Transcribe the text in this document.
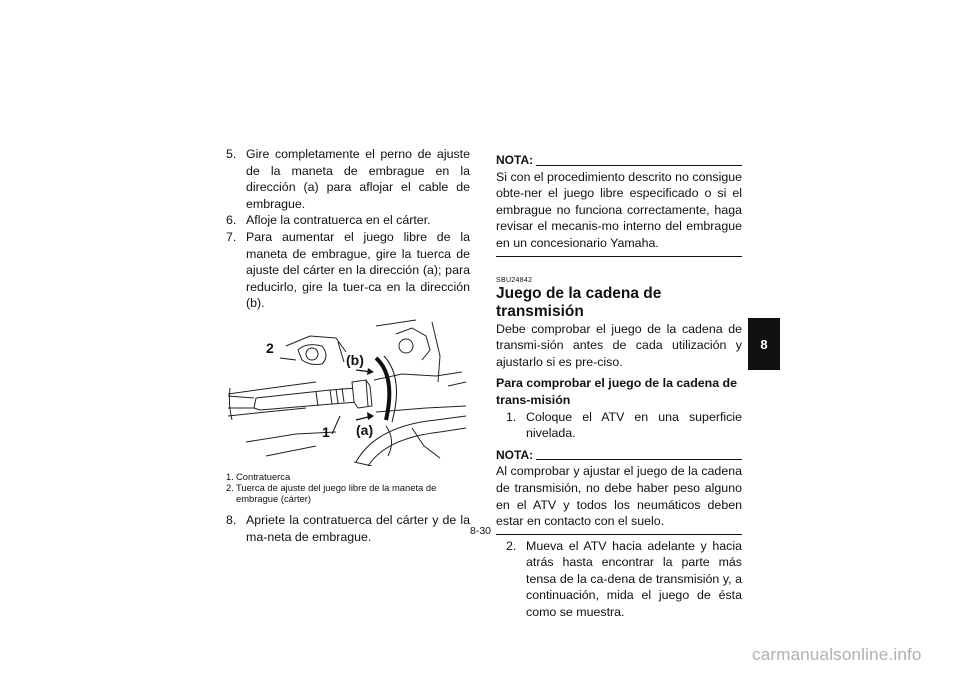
5. Gire completamente el perno de ajuste de la maneta de embrague en la dirección (a) para aflojar el cable de embrague.
6. Afloje la contratuerca en el cárter.
7. Para aumentar el juego libre de la maneta de embrague, gire la tuerca de ajuste del cárter en la dirección (a); para reducirlo, gire la tuer-ca en la dirección (b).
2
(b)
1 (a)
1. Contratuerca
2. Tuerca de ajuste del juego libre de la maneta de embrague (cárter)
8. Apriete la contratuerca del cárter y de la ma-neta de embrague.
NOTA:
Si con el procedimiento descrito no consigue obte-ner el juego libre especificado o si el embrague no funciona correctamente, haga revisar el mecanis-mo interno del embrague en un concesionario Yamaha.
SBU24842
Juego de la cadena de transmisión
Debe comprobar el juego de la cadena de transmi-sión antes de cada utilización y ajustarlo si es pre-ciso.
Para comprobar el juego de la cadena de trans-misión
1. Coloque el ATV en una superficie nivelada.
NOTA:
Al comprobar y ajustar el juego de la cadena de transmisión, no debe haber peso alguno en el ATV y todos los neumáticos deben estar en contacto con el suelo.
2. Mueva el ATV hacia adelante y hacia atrás hasta encontrar la parte más tensa de la ca-dena de transmisión y, a continuación, mida el juego de ésta como se muestra.
8-30
8
carmanualsonline.info
